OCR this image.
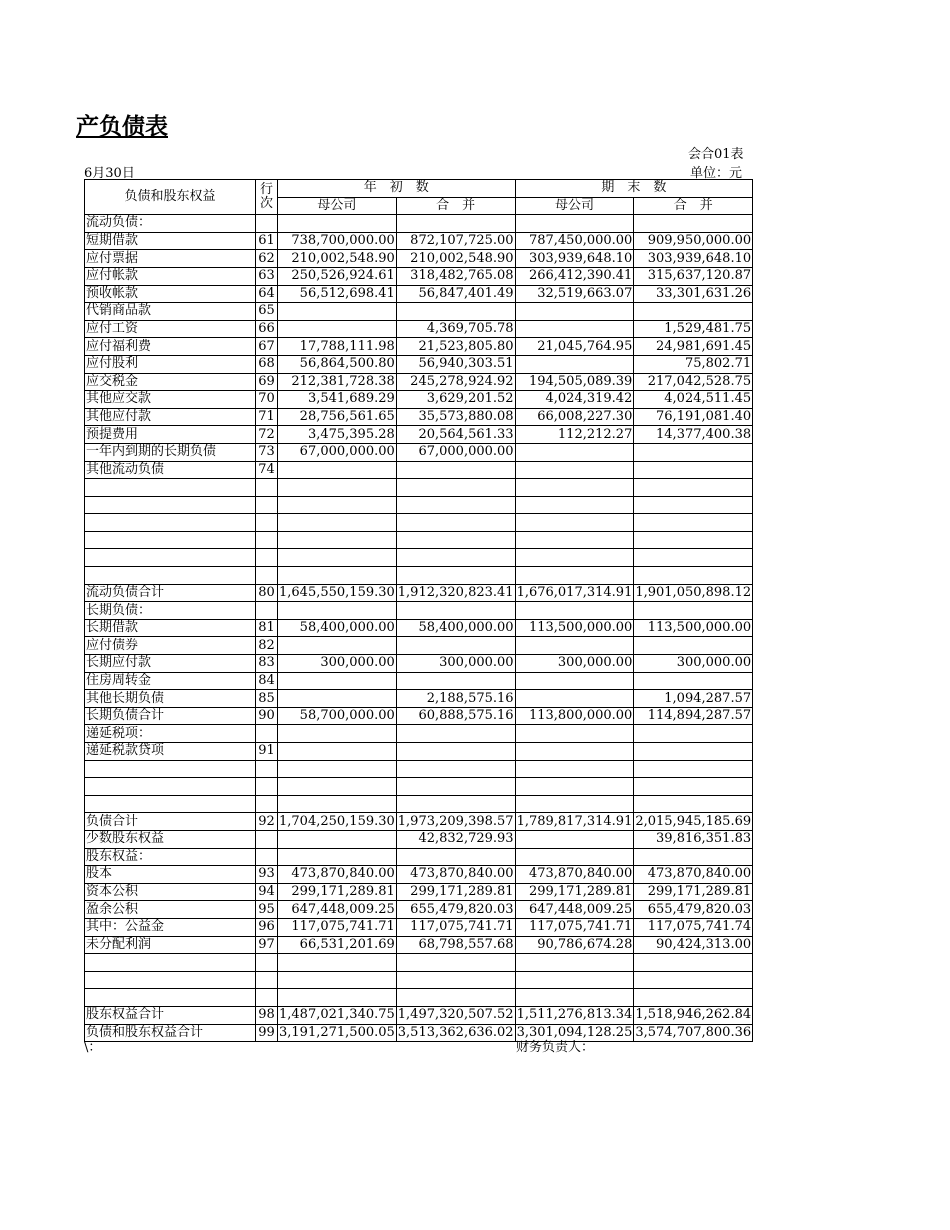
产负债表
会合01表
6月30日	单位：元
负债和股东权益	行次	年　初　数		期　末　数	
		母公司	合　并	母公司	合　并
流动负债：					
短期借款	61	738,700,000.00	872,107,725.00	787,450,000.00	909,950,000.00
应付票据	62	210,002,548.90	210,002,548.90	303,939,648.10	303,939,648.10
应付帐款	63	250,526,924.61	318,482,765.08	266,412,390.41	315,637,120.87
预收帐款	64	56,512,698.41	56,847,401.49	32,519,663.07	33,301,631.26
代销商品款	65				
应付工资	66		4,369,705.78		1,529,481.75
应付福利费	67	17,788,111.98	21,523,805.80	21,045,764.95	24,981,691.45
应付股利	68	56,864,500.80	56,940,303.51		75,802.71
应交税金	69	212,381,728.38	245,278,924.92	194,505,089.39	217,042,528.75
其他应交款	70	3,541,689.29	3,629,201.52	4,024,319.42	4,024,511.45
其他应付款	71	28,756,561.65	35,573,880.08	66,008,227.30	76,191,081.40
预提费用	72	3,475,395.28	20,564,561.33	112,212.27	14,377,400.38
一年内到期的长期负债	73	67,000,000.00	67,000,000.00		
其他流动负债	74				

流动负债合计	80	1,645,550,159.30	1,912,320,823.41	1,676,017,314.91	1,901,050,898.12
长期负债：					
长期借款	81	58,400,000.00	58,400,000.00	113,500,000.00	113,500,000.00
应付债券	82				
长期应付款	83	300,000.00	300,000.00	300,000.00	300,000.00
住房周转金	84				
其他长期负债	85		2,188,575.16		1,094,287.57
长期负债合计	90	58,700,000.00	60,888,575.16	113,800,000.00	114,894,287.57
递延税项：					
递延税款贷项	91				

负债合计	92	1,704,250,159.30	1,973,209,398.57	1,789,817,314.91	2,015,945,185.69
少数股东权益			42,832,729.93		39,816,351.83
股东权益：					
股本	93	473,870,840.00	473,870,840.00	473,870,840.00	473,870,840.00
资本公积	94	299,171,289.81	299,171,289.81	299,171,289.81	299,171,289.81
盈余公积	95	647,448,009.25	655,479,820.03	647,448,009.25	655,479,820.03
其中：公益金	96	117,075,741.71	117,075,741.71	117,075,741.71	117,075,741.74
未分配利润	97	66,531,201.69	68,798,557.68	90,786,674.28	90,424,313.00

股东权益合计	98	1,487,021,340.75	1,497,320,507.52	1,511,276,813.34	1,518,946,262.84
负债和股东权益合计	99	3,191,271,500.05	3,513,362,636.02	3,301,094,128.25	3,574,707,800.36
\：	财务负责人：
